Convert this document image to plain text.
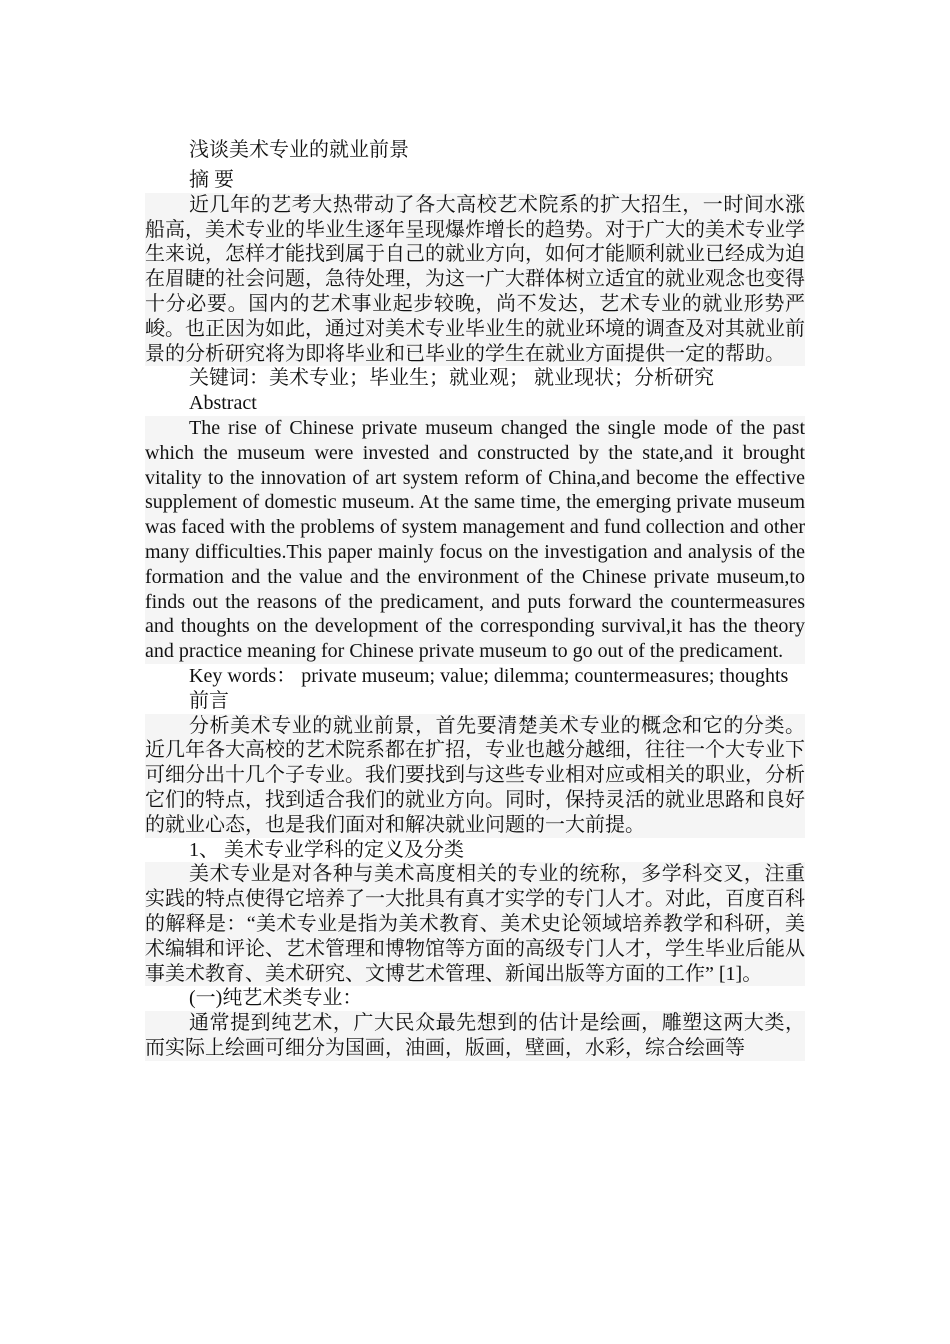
浅谈美术专业的就业前景

摘 要

近几年的艺考大热带动了各大高校艺术院系的扩大招生，一时间水涨船高，美术专业的毕业生逐年呈现爆炸增长的趋势。对于广大的美术专业学生来说，怎样才能找到属于自己的就业方向，如何才能顺利就业已经成为迫在眉睫的社会问题，急待处理，为这一广大群体树立适宜的就业观念也变得十分必要。国内的艺术事业起步较晚，尚不发达，艺术专业的就业形势严峻。也正因为如此，通过对美术专业毕业生的就业环境的调查及对其就业前景的分析研究将为即将毕业和已毕业的学生在就业方面提供一定的帮助。

关键词：美术专业；毕业生；就业观； 就业现状；分析研究

Abstract

The rise of Chinese private museum changed the single mode of the past which the museum were invested and constructed by the state,and it brought vitality to the innovation of art system reform of China,and become the effective supplement of domestic museum. At the same time, the emerging private museum was faced with the problems of system management and fund collection and other many difficulties.This paper mainly focus on the investigation and analysis of the formation and the value and the environment of the Chinese private museum,to finds out the reasons of the predicament, and puts forward the countermeasures and thoughts on the development of the corresponding survival,it has the theory and practice meaning for Chinese private museum to go out of the predicament.

Key words： private museum; value; dilemma; countermeasures; thoughts

前言

分析美术专业的就业前景，首先要清楚美术专业的概念和它的分类。近几年各大高校的艺术院系都在扩招，专业也越分越细，往往一个大专业下可细分出十几个子专业。我们要找到与这些专业相对应或相关的职业，分析它们的特点，找到适合我们的就业方向。同时，保持灵活的就业思路和良好的就业心态，也是我们面对和解决就业问题的一大前提。

1、 美术专业学科的定义及分类

美术专业是对各种与美术高度相关的专业的统称，多学科交叉，注重实践的特点使得它培养了一大批具有真才实学的专门人才。对此，百度百科的解释是：“美术专业是指为美术教育、美术史论领域培养教学和科研，美术编辑和评论、艺术管理和博物馆等方面的高级专门人才，学生毕业后能从事美术教育、美术研究、文博艺术管理、新闻出版等方面的工作” [1]。

(一)纯艺术类专业：

通常提到纯艺术，广大民众最先想到的估计是绘画，雕塑这两大类，而实际上绘画可细分为国画，油画，版画，壁画，水彩，综合绘画等
